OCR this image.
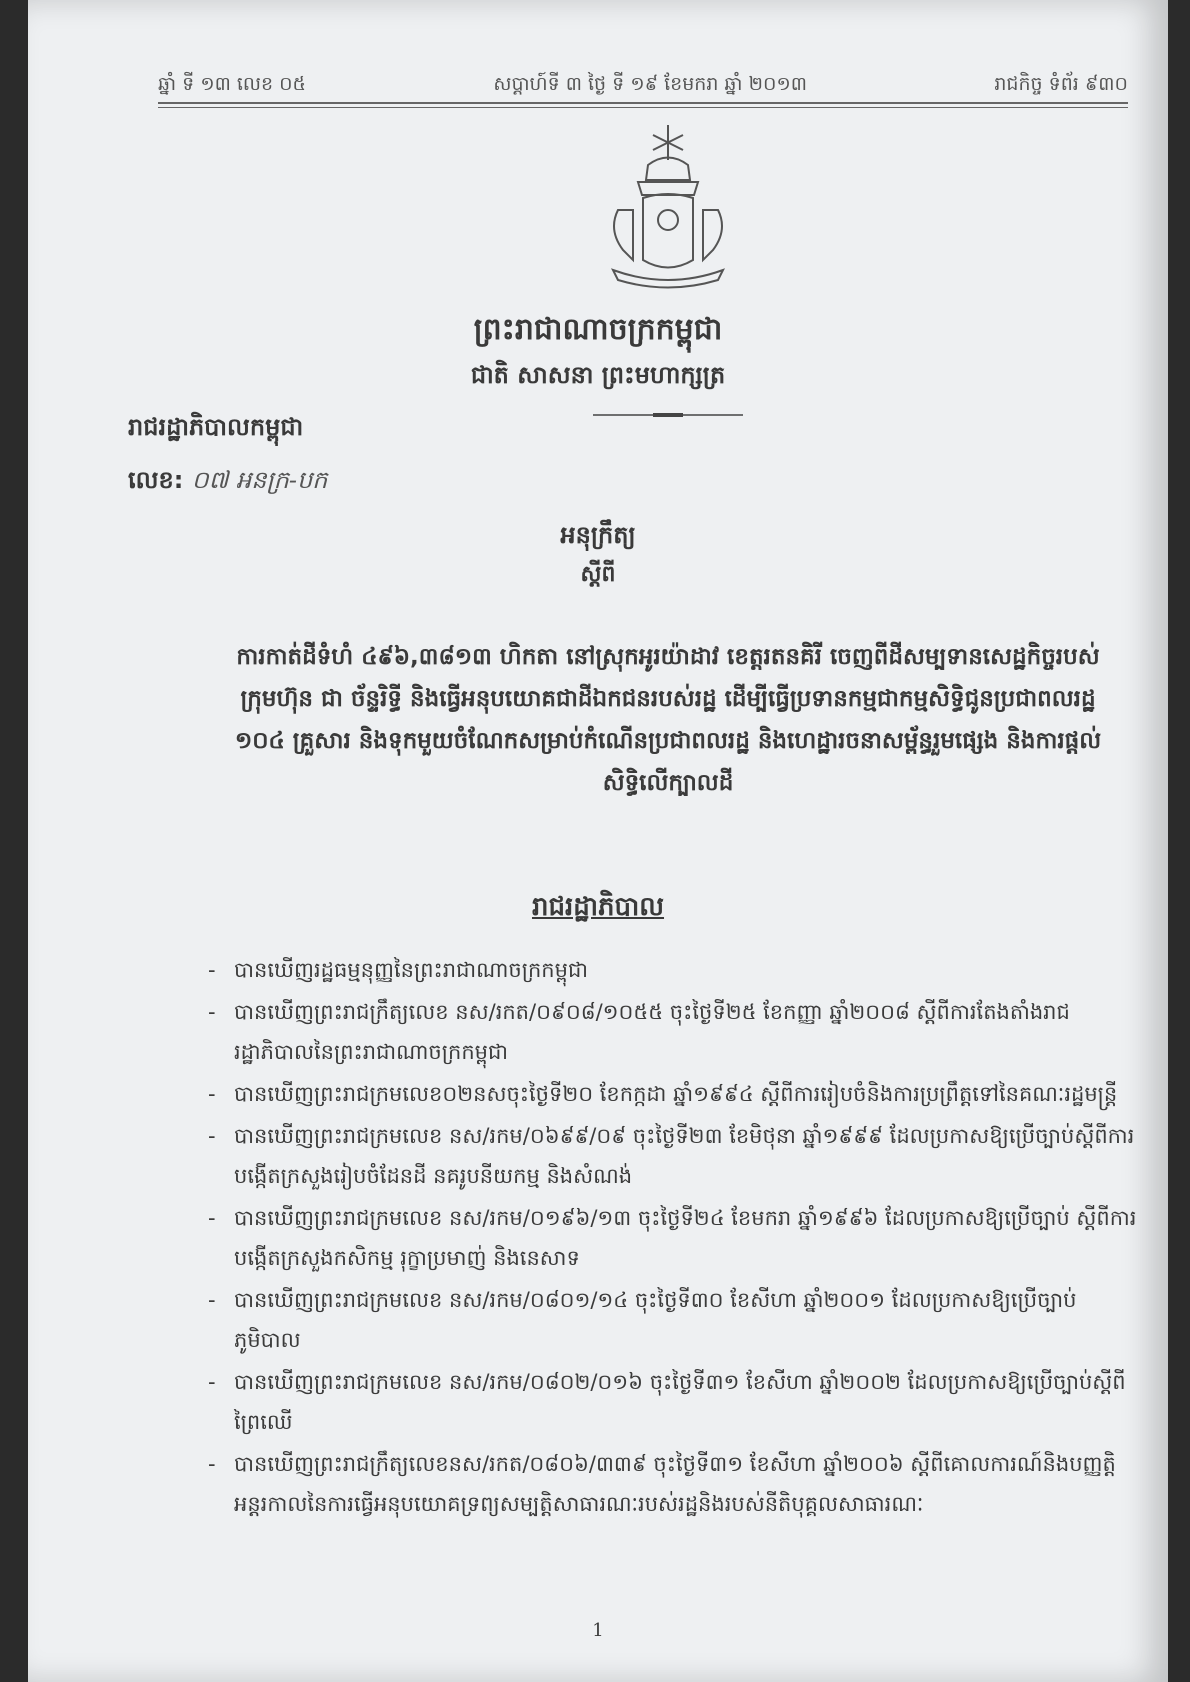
ឆ្នាំ ទី ១៣ លេខ ០៥	សប្តាហ៍ទី ៣ ថ្ងៃ ទី ១៩ ខែមករា ឆ្នាំ ២០១៣	រាជកិច្ច ទំព័រ ៩៣០
ព្រះរាជាណាចក្រកម្ពុជា
ជាតិ សាសនា ព្រះមហាក្សត្រ
រាជរដ្ឋាភិបាលកម្ពុជា
លេខ: ០៧ អនក្រ-បក
អនុក្រឹត្យ
ស្តីពី
ការកាត់ដីទំហំ ៤៩៦,៣៨១៣ ហិកតា នៅស្រុកអូរយ៉ាដាវ ខេត្តរតនគិរី ចេញពីដីសម្បទានសេដ្ឋកិច្ចរបស់ក្រុមហ៊ុន ជា ច័ន្ទរិទ្ធី និងធ្វើអនុបយោគជាដីឯកជនរបស់រដ្ឋ ដើម្បីធ្វើប្រទានកម្មជាកម្មសិទ្ធិជូនប្រជាពលរដ្ឋ ១០៤ គ្រួសារ និងទុកមួយចំណែកសម្រាប់កំណើនប្រជាពលរដ្ឋ និងហេដ្ឋារចនាសម្ព័ន្ធរួមផ្សេង និងការផ្តល់សិទ្ធិលើក្បាលដី
រាជរដ្ឋាភិបាល
- បានឃើញរដ្ឋធម្មនុញ្ញនៃព្រះរាជាណាចក្រកម្ពុជា
- បានឃើញព្រះរាជក្រឹត្យលេខ នស/រកត/០៩០៨/១០៥៥ ចុះថ្ងៃទី២៥ ខែកញ្ញា ឆ្នាំ២០០៨ ស្តីពីការតែងតាំងរាជរដ្ឋាភិបាលនៃព្រះរាជាណាចក្រកម្ពុជា
- បានឃើញព្រះរាជក្រមលេខ០២នសចុះថ្ងៃទី២០ ខែកក្កដា ឆ្នាំ១៩៩៤ ស្តីពីការរៀបចំនិងការប្រព្រឹត្តទៅនៃគណៈរដ្ឋមន្ត្រី
- បានឃើញព្រះរាជក្រមលេខ នស/រកម/០៦៩៩/០៩ ចុះថ្ងៃទី២៣ ខែមិថុនា ឆ្នាំ១៩៩៩ ដែលប្រកាសឱ្យប្រើច្បាប់ស្តីពីការបង្កើតក្រសួងរៀបចំដែនដី នគរូបនីយកម្ម និងសំណង់
- បានឃើញព្រះរាជក្រមលេខ នស/រកម/០១៩៦/១៣ ចុះថ្ងៃទី២៤ ខែមករា ឆ្នាំ១៩៩៦ ដែលប្រកាសឱ្យប្រើច្បាប់ ស្តីពីការបង្កើតក្រសួងកសិកម្ម រុក្ខាប្រមាញ់ និងនេសាទ
- បានឃើញព្រះរាជក្រមលេខ នស/រកម/០៨០១/១៤ ចុះថ្ងៃទី៣០ ខែសីហា ឆ្នាំ២០០១ ដែលប្រកាសឱ្យប្រើច្បាប់ភូមិបាល
- បានឃើញព្រះរាជក្រមលេខ នស/រកម/០៨០២/០១៦ ចុះថ្ងៃទី៣១ ខែសីហា ឆ្នាំ២០០២ ដែលប្រកាសឱ្យប្រើច្បាប់ស្តីពីព្រៃឈើ
- បានឃើញព្រះរាជក្រឹត្យលេខនស/រកត/០៨០៦/៣៣៩ ចុះថ្ងៃទី៣១ ខែសីហា ឆ្នាំ២០០៦ ស្តីពីគោលការណ៍និងបញ្ញត្តិអន្តរកាលនៃការធ្វើអនុបយោគទ្រព្យសម្បត្តិសាធារណៈរបស់រដ្ឋនិងរបស់នីតិបុគ្គលសាធារណៈ
1
